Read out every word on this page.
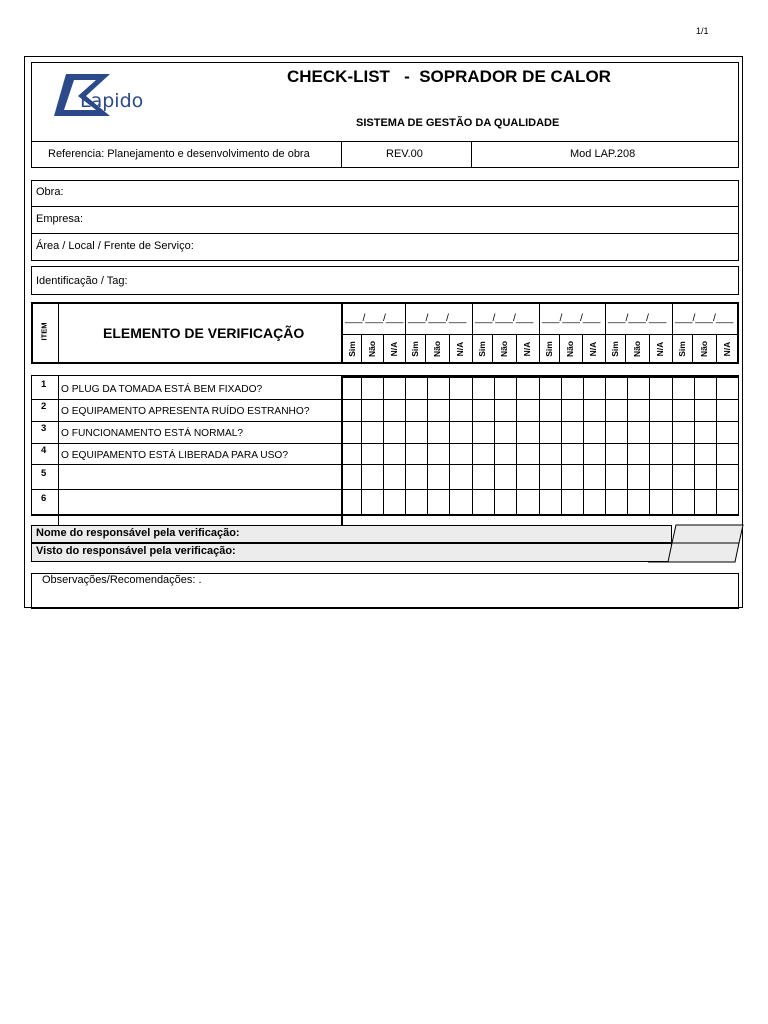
1/1
Lapido
CHECK-LIST   -  SOPRADOR DE CALOR
SISTEMA DE GESTÃO DA QUALIDADE
Referencia: Planejamento e desenvolvimento de obra	REV.00	Mod LAP.208
Obra:
Empresa:
Área / Local / Frente de Serviço:
Identificação / Tag:
ITEM	ELEMENTO DE VERIFICAÇÃO
___/___/___
Sim Não N/A
___/___/___
Sim Não N/A
___/___/___
Sim Não N/A
___/___/___
Sim Não N/A
___/___/___
Sim Não N/A
___/___/___
Sim Não N/A
1 O PLUG DA TOMADA ESTÁ BEM FIXADO?
2 O EQUIPAMENTO APRESENTA RUÍDO ESTRANHO?
3 O FUNCIONAMENTO ESTÁ NORMAL?
4 O EQUIPAMENTO ESTÁ LIBERADA PARA USO?
5
6
Nome do responsável pela verificação:
Visto do responsável pela verificação:
Observações/Recomendações: .
